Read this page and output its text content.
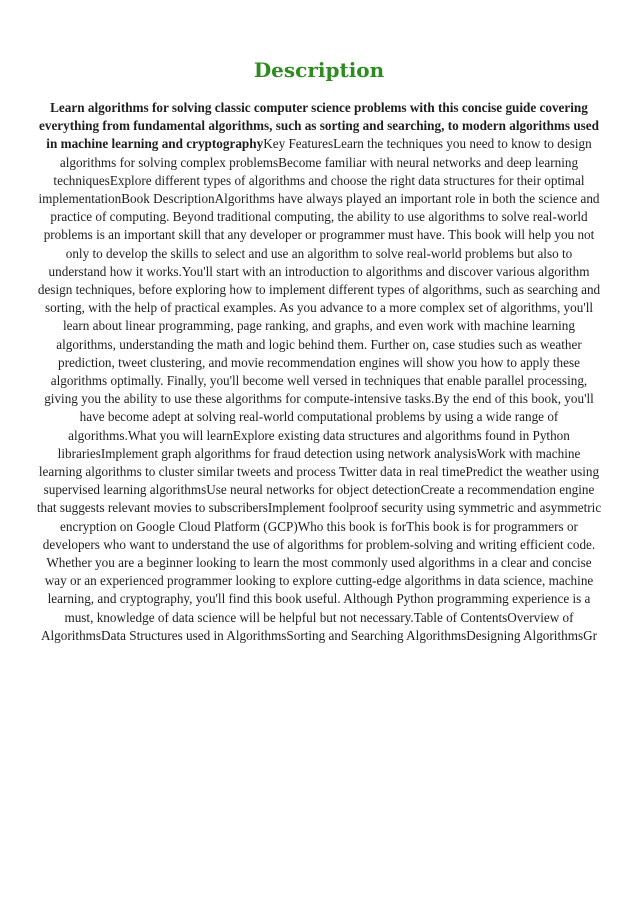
Description

Learn algorithms for solving classic computer science problems with this concise guide covering everything from fundamental algorithms, such as sorting and searching, to modern algorithms used in machine learning and cryptographyKey FeaturesLearn the techniques you need to know to design algorithms for solving complex problemsBecome familiar with neural networks and deep learning techniquesExplore different types of algorithms and choose the right data structures for their optimal implementationBook DescriptionAlgorithms have always played an important role in both the science and practice of computing. Beyond traditional computing, the ability to use algorithms to solve real-world problems is an important skill that any developer or programmer must have. This book will help you not only to develop the skills to select and use an algorithm to solve real-world problems but also to understand how it works.You'll start with an introduction to algorithms and discover various algorithm design techniques, before exploring how to implement different types of algorithms, such as searching and sorting, with the help of practical examples. As you advance to a more complex set of algorithms, you'll learn about linear programming, page ranking, and graphs, and even work with machine learning algorithms, understanding the math and logic behind them. Further on, case studies such as weather prediction, tweet clustering, and movie recommendation engines will show you how to apply these algorithms optimally. Finally, you'll become well versed in techniques that enable parallel processing, giving you the ability to use these algorithms for compute-intensive tasks.By the end of this book, you'll have become adept at solving real-world computational problems by using a wide range of algorithms.What you will learnExplore existing data structures and algorithms found in Python librariesImplement graph algorithms for fraud detection using network analysisWork with machine learning algorithms to cluster similar tweets and process Twitter data in real timePredict the weather using supervised learning algorithmsUse neural networks for object detectionCreate a recommendation engine that suggests relevant movies to subscribersImplement foolproof security using symmetric and asymmetric encryption on Google Cloud Platform (GCP)Who this book is forThis book is for programmers or developers who want to understand the use of algorithms for problem-solving and writing efficient code. Whether you are a beginner looking to learn the most commonly used algorithms in a clear and concise way or an experienced programmer looking to explore cutting-edge algorithms in data science, machine learning, and cryptography, you'll find this book useful. Although Python programming experience is a must, knowledge of data science will be helpful but not necessary.Table of ContentsOverview of AlgorithmsData Structures used in AlgorithmsSorting and Searching AlgorithmsDesigning AlgorithmsGr
